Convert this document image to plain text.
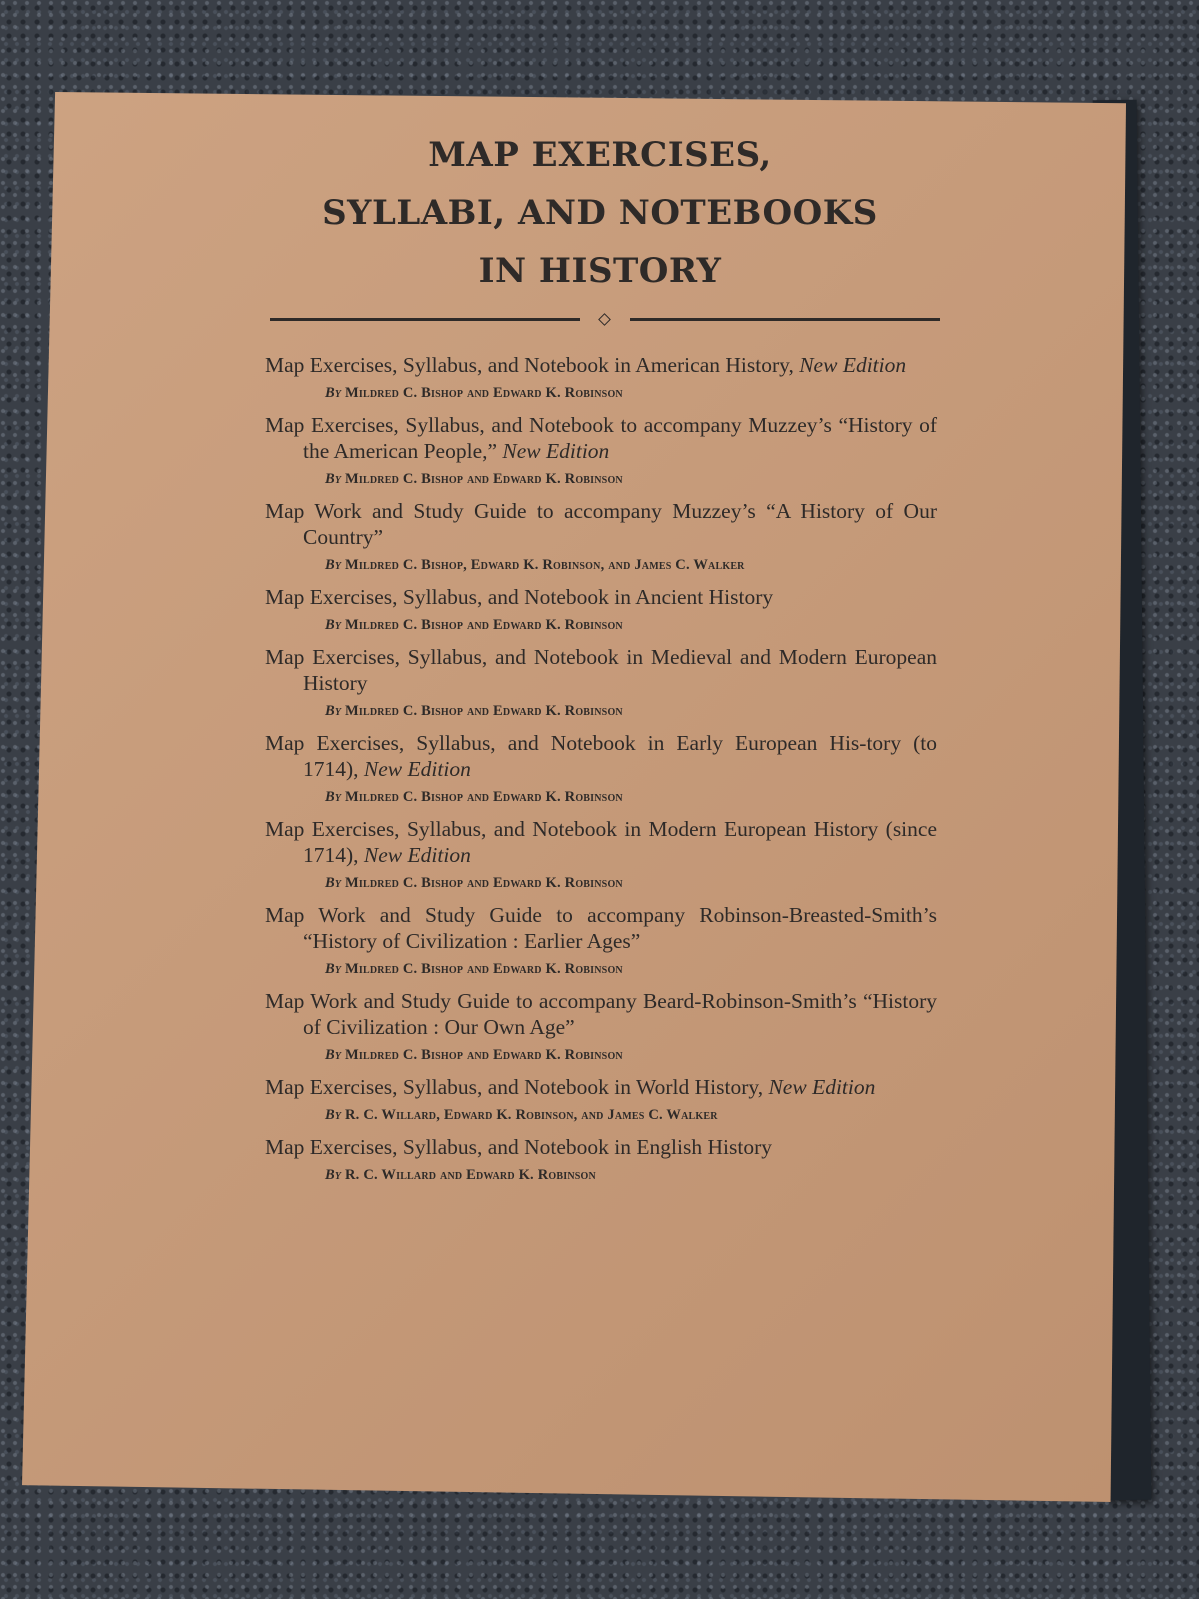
MAP EXERCISES,
SYLLABI, AND NOTEBOOKS
IN HISTORY
Map Exercises, Syllabus, and Notebook in American History, New Edition
By Mildred C. Bishop and Edward K. Robinson
Map Exercises, Syllabus, and Notebook to accompany Muzzey’s “History of the American People,” New Edition
By Mildred C. Bishop and Edward K. Robinson
Map Work and Study Guide to accompany Muzzey’s “A History of Our Country”
By Mildred C. Bishop, Edward K. Robinson, and James C. Walker
Map Exercises, Syllabus, and Notebook in Ancient History
By Mildred C. Bishop and Edward K. Robinson
Map Exercises, Syllabus, and Notebook in Medieval and Modern European History
By Mildred C. Bishop and Edward K. Robinson
Map Exercises, Syllabus, and Notebook in Early European His-tory (to 1714), New Edition
By Mildred C. Bishop and Edward K. Robinson
Map Exercises, Syllabus, and Notebook in Modern European History (since 1714), New Edition
By Mildred C. Bishop and Edward K. Robinson
Map Work and Study Guide to accompany Robinson-Breasted-Smith’s “History of Civilization : Earlier Ages”
By Mildred C. Bishop and Edward K. Robinson
Map Work and Study Guide to accompany Beard-Robinson-Smith’s “History of Civilization : Our Own Age”
By Mildred C. Bishop and Edward K. Robinson
Map Exercises, Syllabus, and Notebook in World History, New Edition
By R. C. Willard, Edward K. Robinson, and James C. Walker
Map Exercises, Syllabus, and Notebook in English History
By R. C. Willard and Edward K. Robinson
